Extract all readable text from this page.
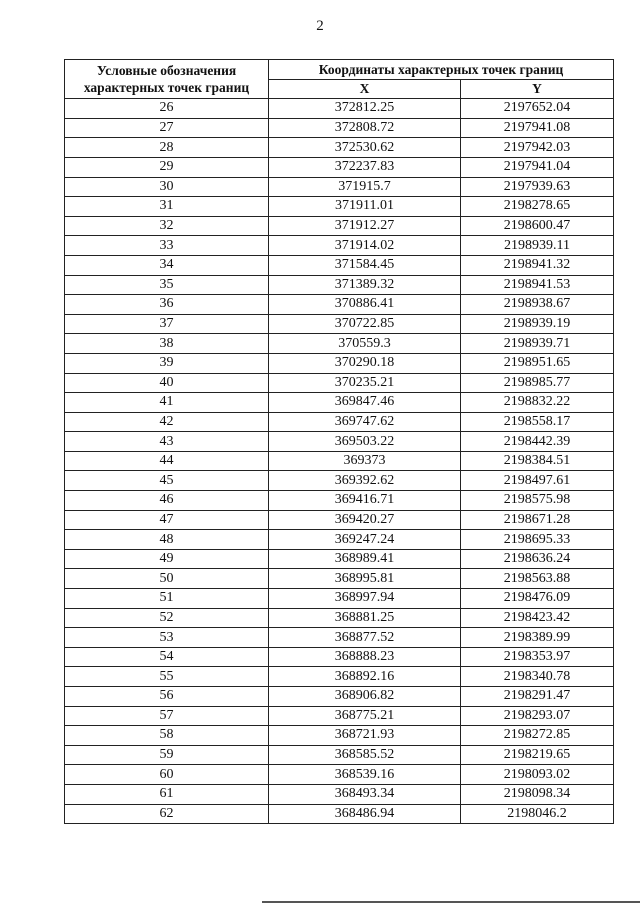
2
Условные обозначения характерных точек границ	Координаты характерных точек границ	
	X	Y
26	372812.25	2197652.04
27	372808.72	2197941.08
28	372530.62	2197942.03
29	372237.83	2197941.04
30	371915.7	2197939.63
31	371911.01	2198278.65
32	371912.27	2198600.47
33	371914.02	2198939.11
34	371584.45	2198941.32
35	371389.32	2198941.53
36	370886.41	2198938.67
37	370722.85	2198939.19
38	370559.3	2198939.71
39	370290.18	2198951.65
40	370235.21	2198985.77
41	369847.46	2198832.22
42	369747.62	2198558.17
43	369503.22	2198442.39
44	369373	2198384.51
45	369392.62	2198497.61
46	369416.71	2198575.98
47	369420.27	2198671.28
48	369247.24	2198695.33
49	368989.41	2198636.24
50	368995.81	2198563.88
51	368997.94	2198476.09
52	368881.25	2198423.42
53	368877.52	2198389.99
54	368888.23	2198353.97
55	368892.16	2198340.78
56	368906.82	2198291.47
57	368775.21	2198293.07
58	368721.93	2198272.85
59	368585.52	2198219.65
60	368539.16	2198093.02
61	368493.34	2198098.34
62	368486.94	2198046.2
